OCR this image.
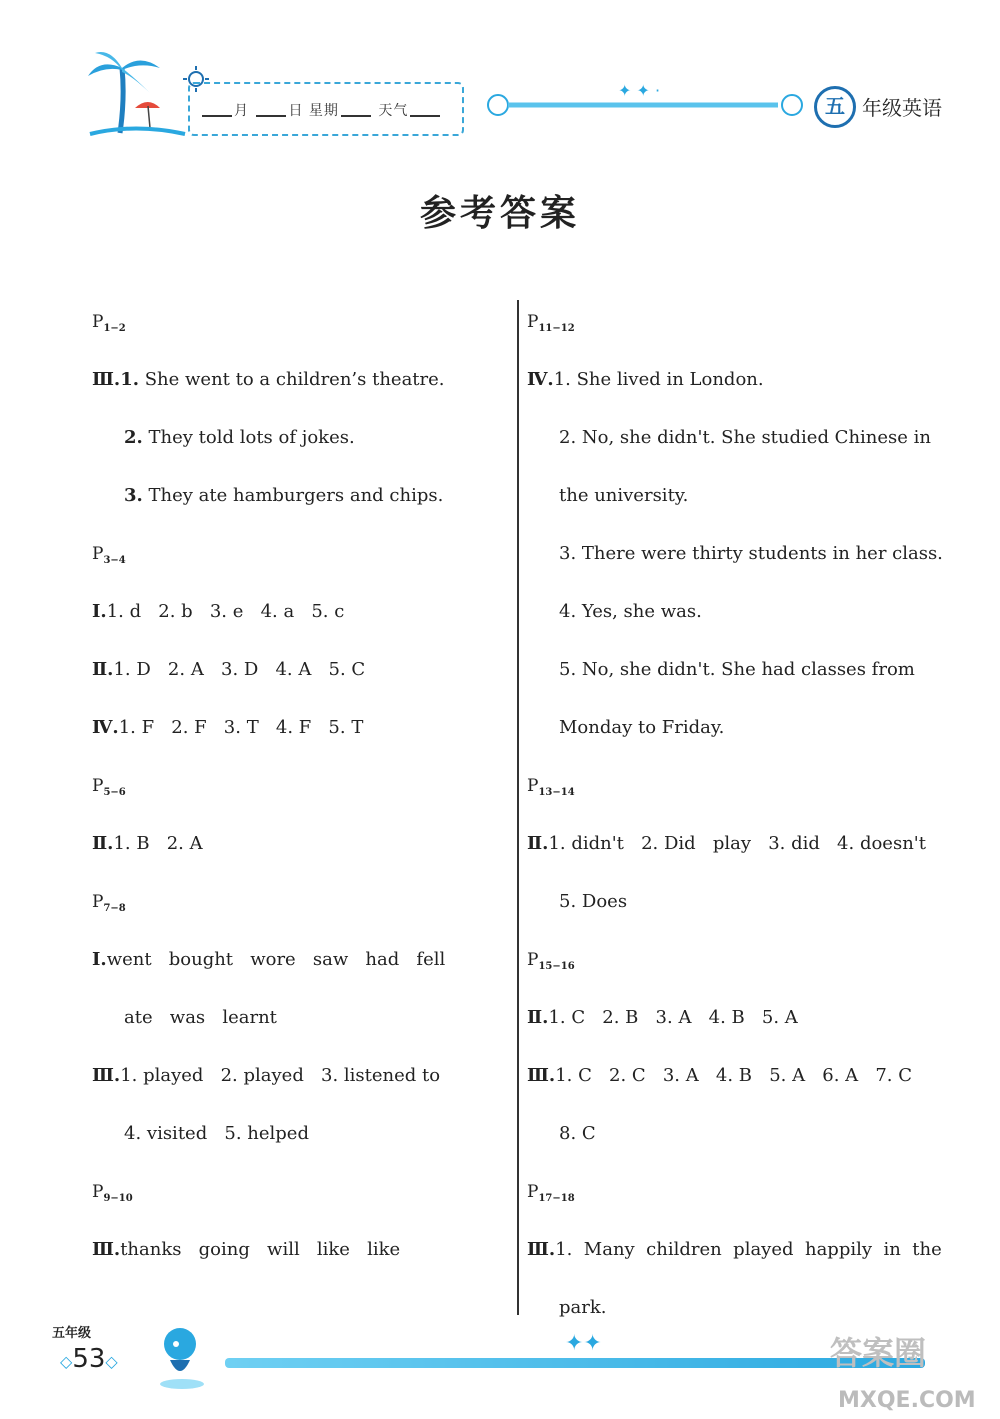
月	日 星期	天气
✦ ✦ ·
五 年级英语
参考答案
$P_{1-2}$
Ⅲ.1. She went to a children’s theatre.
2. They told lots of jokes.
3. They ate hamburgers and chips.
$P_{3-4}$
Ⅰ.1. d   2. b   3. e   4. a   5. c
Ⅱ.1. D   2. A   3. D   4. A   5. C
Ⅳ.1. F   2. F   3. T   4. F   5. T
$P_{5-6}$
Ⅱ.1. B   2. A
$P_{7-8}$
Ⅰ.went   bought   wore   saw   had   fell
ate   was   learnt
Ⅲ.1. played   2. played   3. listened to
4. visited   5. helped
$P_{9-10}$
Ⅲ.thanks   going   will   like   like
$P_{11-12}$
Ⅳ.1. She lived in London.
2. No, she didn't. She studied Chinese in
the university.
3. There were thirty students in her class.
4. Yes, she was.
5. No, she didn't. She had classes from
Monday to Friday.
$P_{13-14}$
Ⅱ.1. didn't   2. Did   play   3. did   4. doesn't
5. Does
$P_{15-16}$
Ⅱ.1. C   2. B   3. A   4. B   5. A
Ⅲ.1. C   2. C   3. A   4. B   5. A   6. A   7. C
8. C
$P_{17-18}$
Ⅲ.1.  Many  children  played  happily  in  the
park.
五年级
◇53◇
✦✦	答案圈
MXQE.COM
